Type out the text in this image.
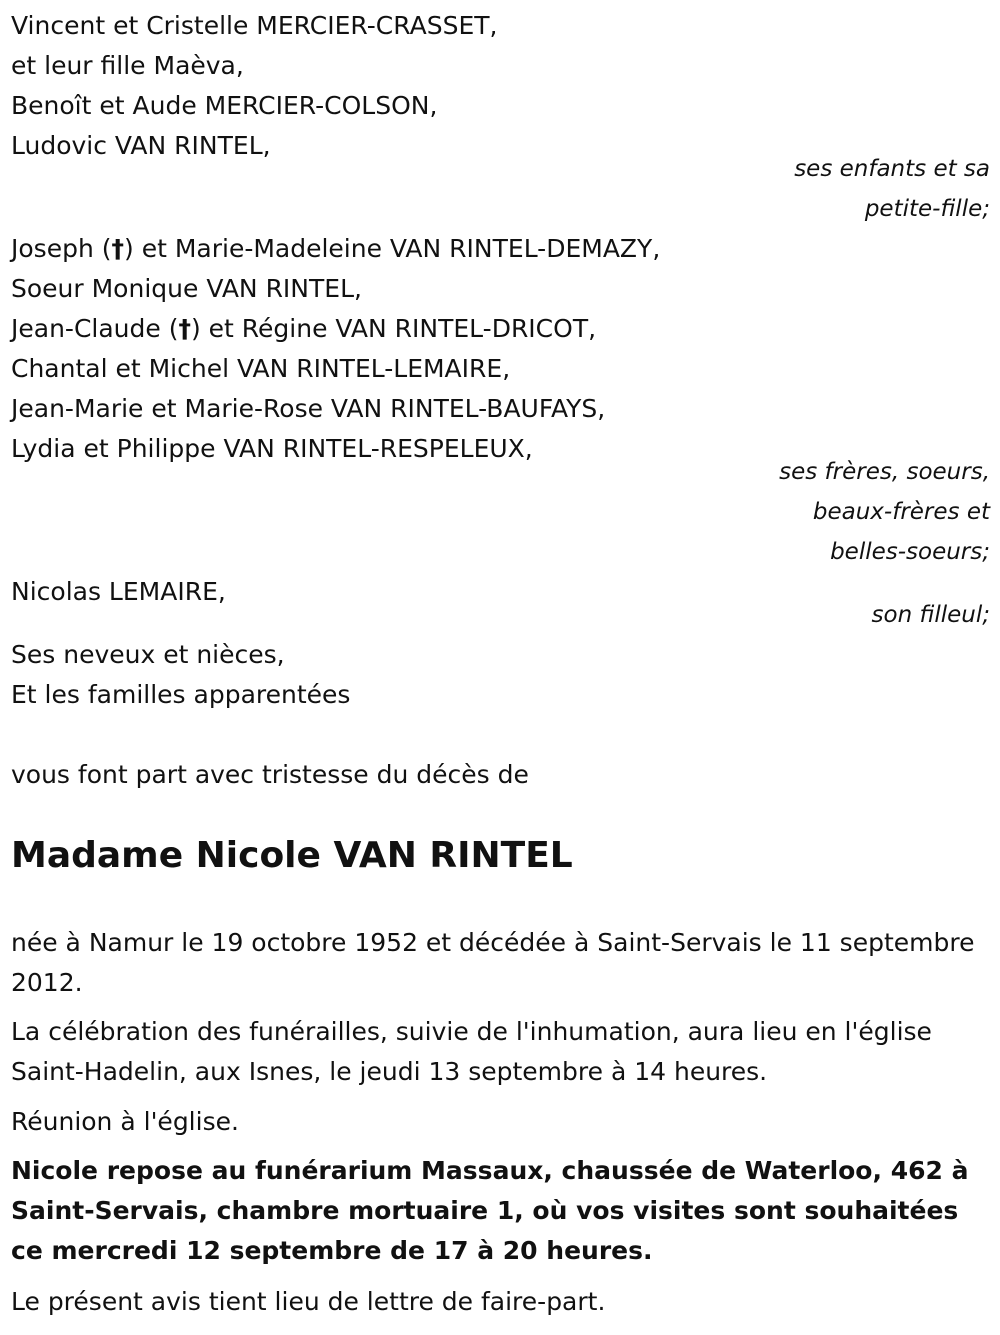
Vincent et Cristelle MERCIER-CRASSET,
et leur fille Maèva,
Benoît et Aude MERCIER-COLSON,
Ludovic VAN RINTEL,
ses enfants et sa
petite-fille;
Joseph (†) et Marie-Madeleine VAN RINTEL-DEMAZY,
Soeur Monique VAN RINTEL,
Jean-Claude (†) et Régine VAN RINTEL-DRICOT,
Chantal et Michel VAN RINTEL-LEMAIRE,
Jean-Marie et Marie-Rose VAN RINTEL-BAUFAYS,
Lydia et Philippe VAN RINTEL-RESPELEUX,
ses frères, soeurs,
beaux-frères et
belles-soeurs;
Nicolas LEMAIRE,
son filleul;
Ses neveux et nièces,
Et les familles apparentées
vous font part avec tristesse du décès de
Madame Nicole VAN RINTEL
née à Namur le 19 octobre 1952 et décédée à Saint-Servais le 11 septembre 2012.
La célébration des funérailles, suivie de l'inhumation, aura lieu en l'église Saint-Hadelin, aux Isnes, le jeudi 13 septembre à 14 heures.
Réunion à l'église.
Nicole repose au funérarium Massaux, chaussée de Waterloo, 462 à Saint-Servais, chambre mortuaire 1, où vos visites sont souhaitées ce mercredi 12 septembre de 17 à 20 heures.
Le présent avis tient lieu de lettre de faire-part.
